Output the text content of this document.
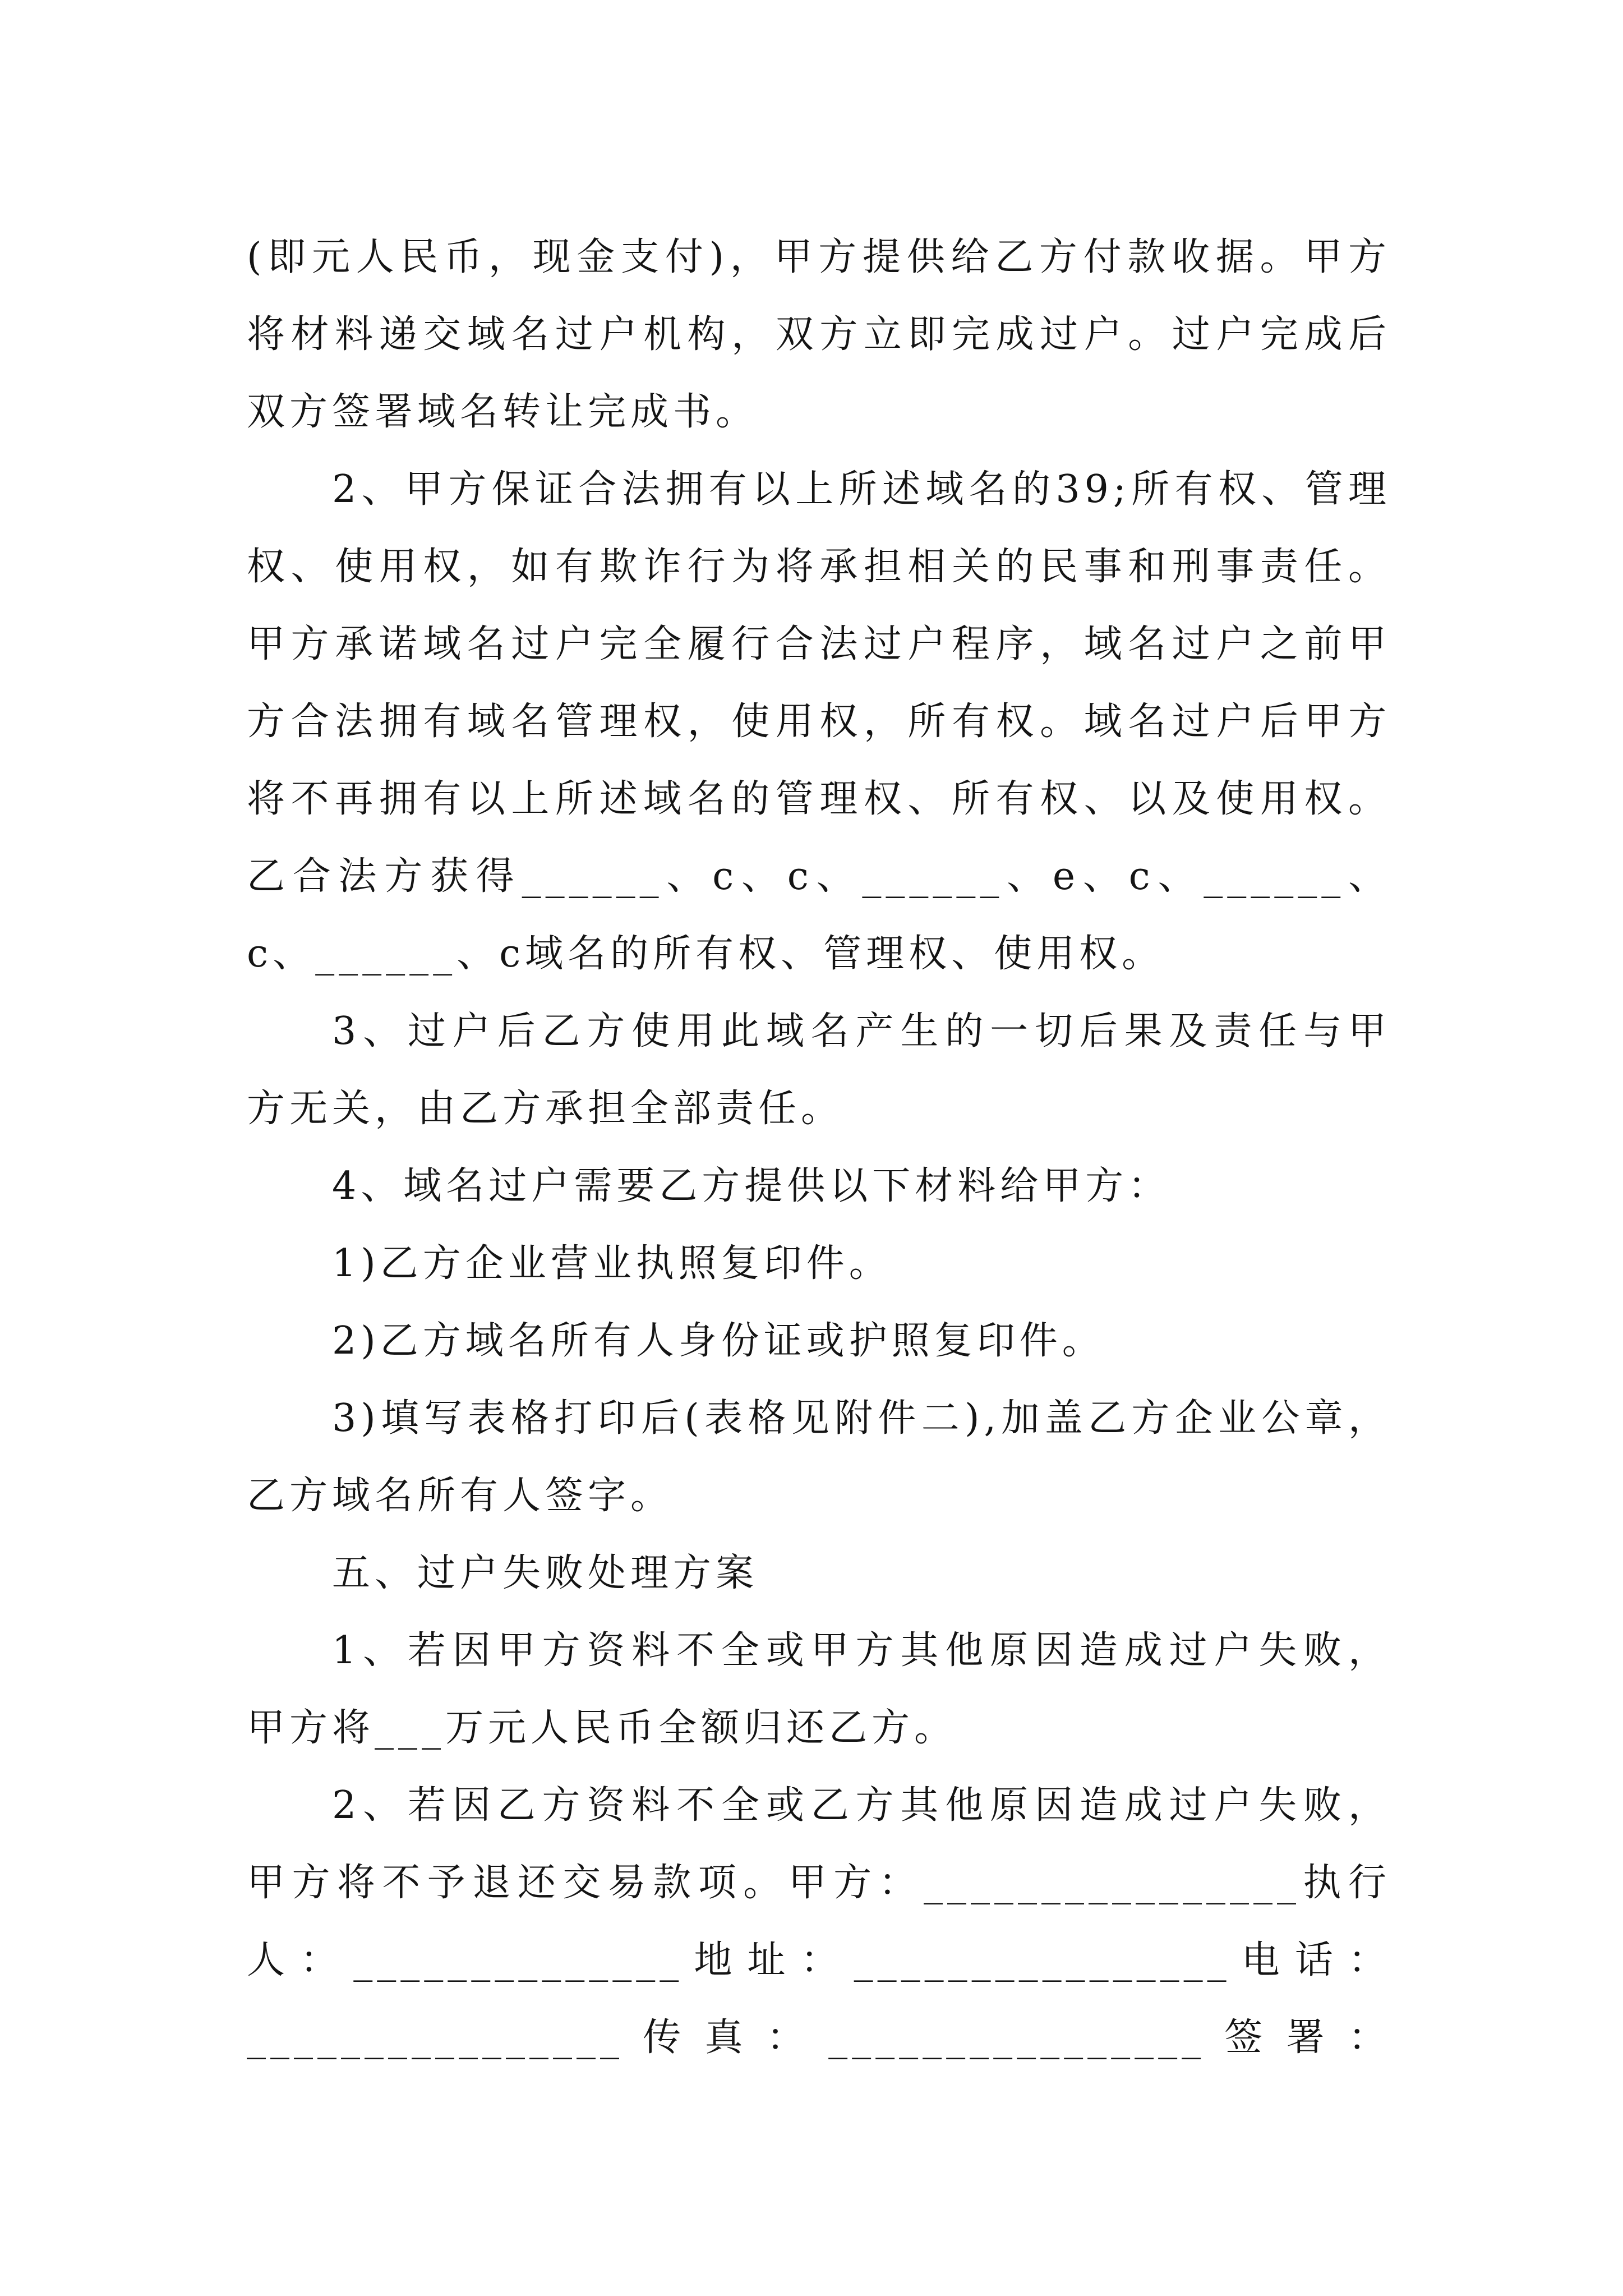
(即元人民币，现金支付)，甲方提供给乙方付款收据。甲方
将材料递交域名过户机构，双方立即完成过户。过户完成后
双方签署域名转让完成书。
2、甲方保证合法拥有以上所述域名的39;所有权、管理
权、使用权，如有欺诈行为将承担相关的民事和刑事责任。
甲方承诺域名过户完全履行合法过户程序，域名过户之前甲
方合法拥有域名管理权，使用权，所有权。域名过户后甲方
将不再拥有以上所述域名的管理权、所有权、以及使用权。
乙合法方获得______、c、c、______、e、c、______、
c、______、c域名的所有权、管理权、使用权。
3、过户后乙方使用此域名产生的一切后果及责任与甲
方无关，由乙方承担全部责任。
4、域名过户需要乙方提供以下材料给甲方：
1)乙方企业营业执照复印件。
2)乙方域名所有人身份证或护照复印件。
3)填写表格打印后(表格见附件二),加盖乙方企业公章，
乙方域名所有人签字。
五、过户失败处理方案
1、若因甲方资料不全或甲方其他原因造成过户失败，
甲方将___万元人民币全额归还乙方。
2、若因乙方资料不全或乙方其他原因造成过户失败，
甲方将不予退还交易款项。甲方：________________执行
人：______________地址：________________电话：
________________传真：________________签署：
